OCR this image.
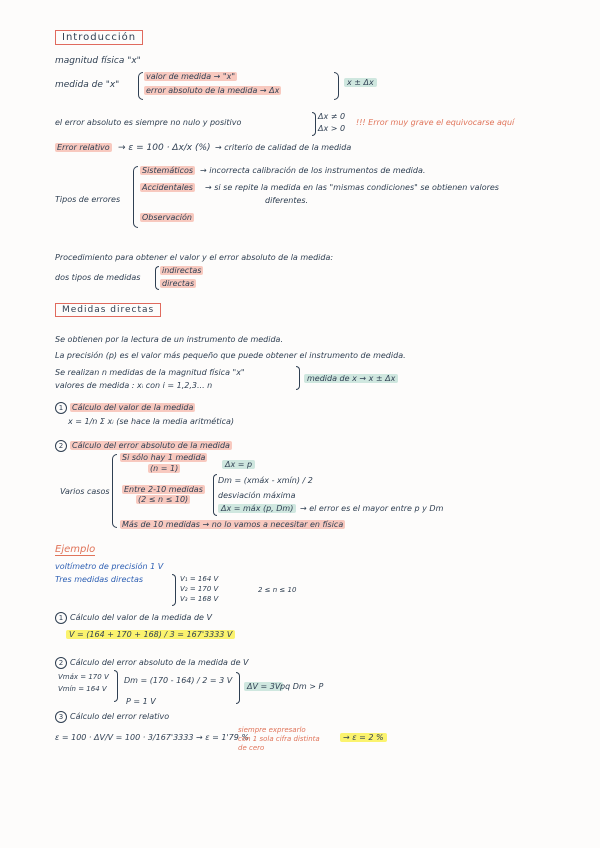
Introducción
magnitud física "x"
medida de "x"
valor de medida → "x"
error absoluto de la medida → Δx
x ± Δx
el error absoluto es siempre no nulo y positivo
Δx ≠ 0
Δx > 0
!!! Error muy grave el equivocarse aquí
Error relativo → ε = 100 · Δx/x (%) → criterio de calidad de la medida
Tipos de errores
Sistemáticos → incorrecta calibración de los instrumentos de medida.
Accidentales → si se repite la medida en las "mismas condiciones" se obtienen valores
diferentes.
Observación
Procedimiento para obtener el valor y el error absoluto de la medida:
dos tipos de medidas
indirectas
directas
Medidas directas
Se obtienen por la lectura de un instrumento de medida.
La precisión (p) es el valor más pequeño que puede obtener el instrumento de medida.
Se realizan n medidas de la magnitud física "x"
medida de x → x ± Δx
valores de medida : xᵢ con i = 1,2,3... n
1 Cálculo del valor de la medida
x = 1/n Σ xᵢ (se hace la media aritmética)
2 Cálculo del error absoluto de la medida
Varios casos
Si sólo hay 1 medida
(n = 1)	Δx = p
Entre 2-10 medidas
(2 ≤ n ≤ 10)
Dm = (xmáx - xmín) / 2
desviación máxima
Δx = máx (p, Dm) → el error es el mayor entre p y Dm
Más de 10 medidas → no lo vamos a necesitar en física
Ejemplo
voltímetro de precisión 1 V
Tres medidas directas	V₁ = 164 V
V₂ = 170 V
V₃ = 168 V
2 ≤ n ≤ 10
1 Cálculo del valor de la medida de V
V = (164 + 170 + 168) / 3 = 167'3333 V
2 Cálculo del error absoluto de la medida de V
Vmáx = 170 V
Vmín = 164 V
Dm = (170 - 164) / 2 = 3 V
P = 1 V
ΔV = 3V pq Dm > P
3 Cálculo del error relativo
ε = 100 · ΔV/V = 100 · 3/167'3333 → ε = 1'79 %
siempre expresarlo
con 1 sola cifra distinta
de cero
→ ε = 2 %
